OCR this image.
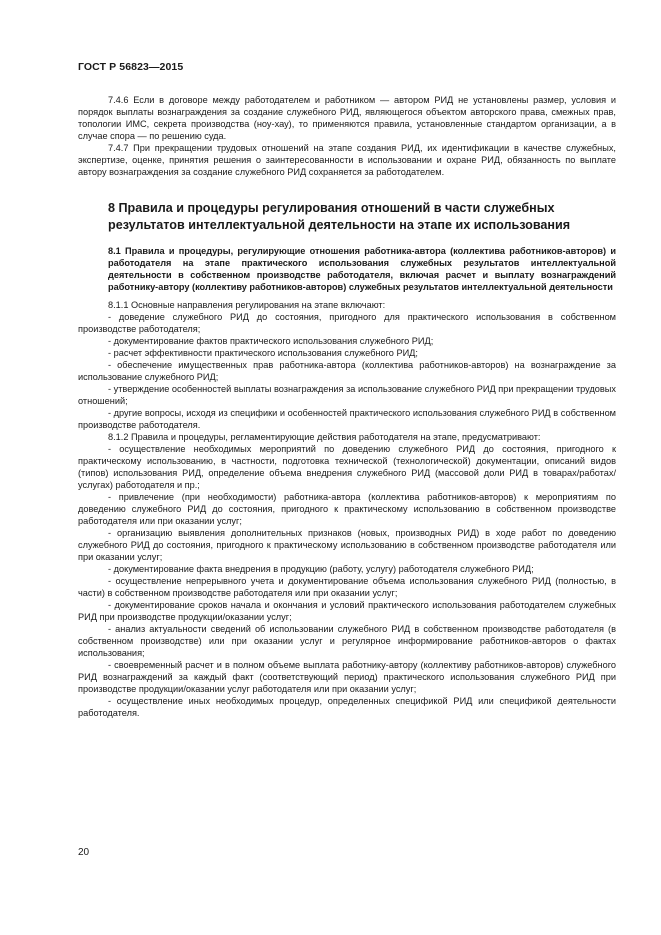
ГОСТ Р 56823—2015

7.4.6 Если в договоре между работодателем и работником — автором РИД не установлены размер, условия и порядок выплаты вознаграждения за создание служебного РИД, являющегося объектом авторского права, смежных прав, топологии ИМС, секрета производства (ноу-хау), то применяются правила, установленные стандартом организации, а в случае спора — по решению суда.

7.4.7 При прекращении трудовых отношений на этапе создания РИД, их идентификации в качестве служебных, экспертизе, оценке, принятия решения о заинтересованности в использовании и охране РИД, обязанность по выплате автору вознаграждения за создание служебного РИД сохраняется за работодателем.

8 Правила и процедуры регулирования отношений в части служебных результатов интеллектуальной деятельности на этапе их использования
8.1 Правила и процедуры, регулирующие отношения работника-автора (коллектива работников-авторов) и работодателя на этапе практического использования служебных результатов интеллектуальной деятельности в собственном производстве работодателя, включая расчет и выплату вознаграждений работнику-автору (коллективу работников-авторов) служебных результатов интеллектуальной деятельности

8.1.1 Основные направления регулирования на этапе включают:

- доведение служебного РИД до состояния, пригодного для практического использования в собственном производстве работодателя;

- документирование фактов практического использования служебного РИД;

- расчет эффективности практического использования служебного РИД;

- обеспечение имущественных прав работника-автора (коллектива работников-авторов) на вознаграждение за использование служебного РИД;

- утверждение особенностей выплаты вознаграждения за использование служебного РИД при прекращении трудовых отношений;

- другие вопросы, исходя из специфики и особенностей практического использования служебного РИД в собственном производстве работодателя.

8.1.2 Правила и процедуры, регламентирующие действия работодателя на этапе, предусматривают:

- осуществление необходимых мероприятий по доведению служебного РИД до состояния, пригодного к практическому использованию, в частности, подготовка технической (технологической) документации, описаний видов (типов) использования РИД, определение объема внедрения служебного РИД (массовой доли РИД в товарах/работах/услугах) работодателя и пр.;

- привлечение (при необходимости) работника-автора (коллектива работников-авторов) к мероприятиям по доведению служебного РИД до состояния, пригодного к практическому использованию в собственном производстве работодателя или при оказании услуг;

- организацию выявления дополнительных признаков (новых, производных РИД) в ходе работ по доведению служебного РИД до состояния, пригодного к практическому использованию в собственном производстве работодателя или при оказании услуг;

- документирование факта внедрения в продукцию (работу, услугу) работодателя служебного РИД;

- осуществление непрерывного учета и документирование объема использования служебного РИД (полностью, в части) в собственном производстве работодателя или при оказании услуг;

- документирование сроков начала и окончания и условий практического использования работодателем служебных РИД при производстве продукции/оказании услуг;

- анализ актуальности сведений об использовании служебного РИД в собственном производстве работодателя (в собственном производстве) или при оказании услуг и регулярное информирование работников-авторов о фактах использования;

- своевременный расчет и в полном объеме выплата работнику-автору (коллективу работников-авторов) служебного РИД вознаграждений за каждый факт (соответствующий период) практического использования служебного РИД при производстве продукции/оказании услуг работодателя или при оказании услуг;

- осуществление иных необходимых процедур, определенных спецификой РИД или спецификой деятельности работодателя.

20
